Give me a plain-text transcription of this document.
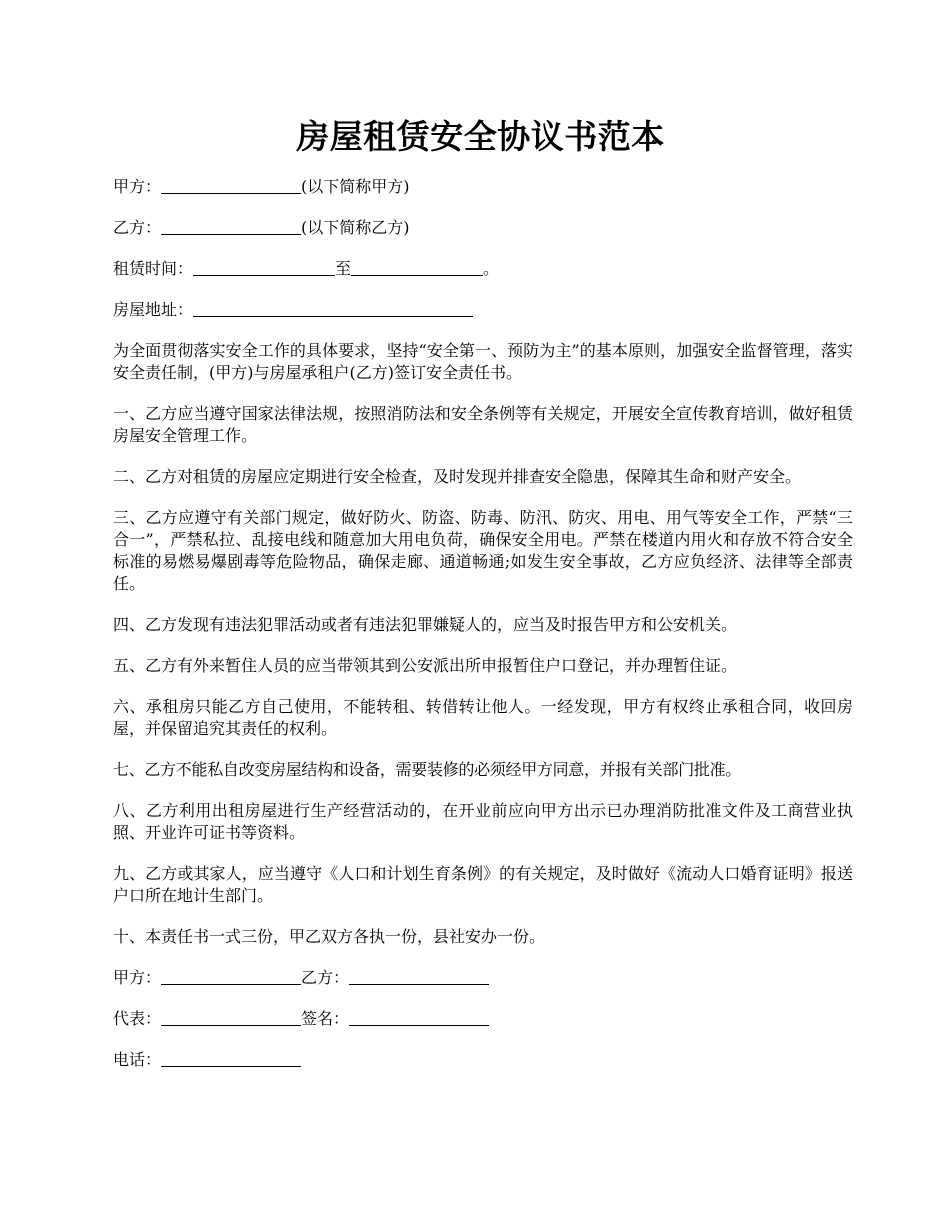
房屋租赁安全协议书范本
甲方：	(以下简称甲方)
乙方：	(以下简称乙方)
租赁时间：	至	。
房屋地址：

为全面贯彻落实安全工作的具体要求，坚持“安全第一、预防为主”的基本原则，加强安全监督管理，落实安全责任制，(甲方)与房屋承租户(乙方)签订安全责任书。

一、乙方应当遵守国家法律法规，按照消防法和安全条例等有关规定，开展安全宣传教育培训，做好租赁房屋安全管理工作。

二、乙方对租赁的房屋应定期进行安全检查，及时发现并排查安全隐患，保障其生命和财产安全。

三、乙方应遵守有关部门规定，做好防火、防盗、防毒、防汛、防灾、用电、用气等安全工作，严禁“三合一”，严禁私拉、乱接电线和随意加大用电负荷，确保安全用电。严禁在楼道内用火和存放不符合安全标准的易燃易爆剧毒等危险物品，确保走廊、通道畅通;如发生安全事故，乙方应负经济、法律等全部责任。

四、乙方发现有违法犯罪活动或者有违法犯罪嫌疑人的，应当及时报告甲方和公安机关。

五、乙方有外来暂住人员的应当带领其到公安派出所申报暂住户口登记，并办理暂住证。

六、承租房只能乙方自己使用，不能转租、转借转让他人。一经发现，甲方有权终止承租合同，收回房屋，并保留追究其责任的权利。

七、乙方不能私自改变房屋结构和设备，需要装修的必须经甲方同意，并报有关部门批准。

八、乙方利用出租房屋进行生产经营活动的，在开业前应向甲方出示已办理消防批准文件及工商营业执照、开业许可证书等资料。

九、乙方或其家人，应当遵守《人口和计划生育条例》的有关规定，及时做好《流动人口婚育证明》报送户口所在地计生部门。

十、本责任书一式三份，甲乙双方各执一份，县社安办一份。

甲方：	乙方：
代表：	签名：
电话：
